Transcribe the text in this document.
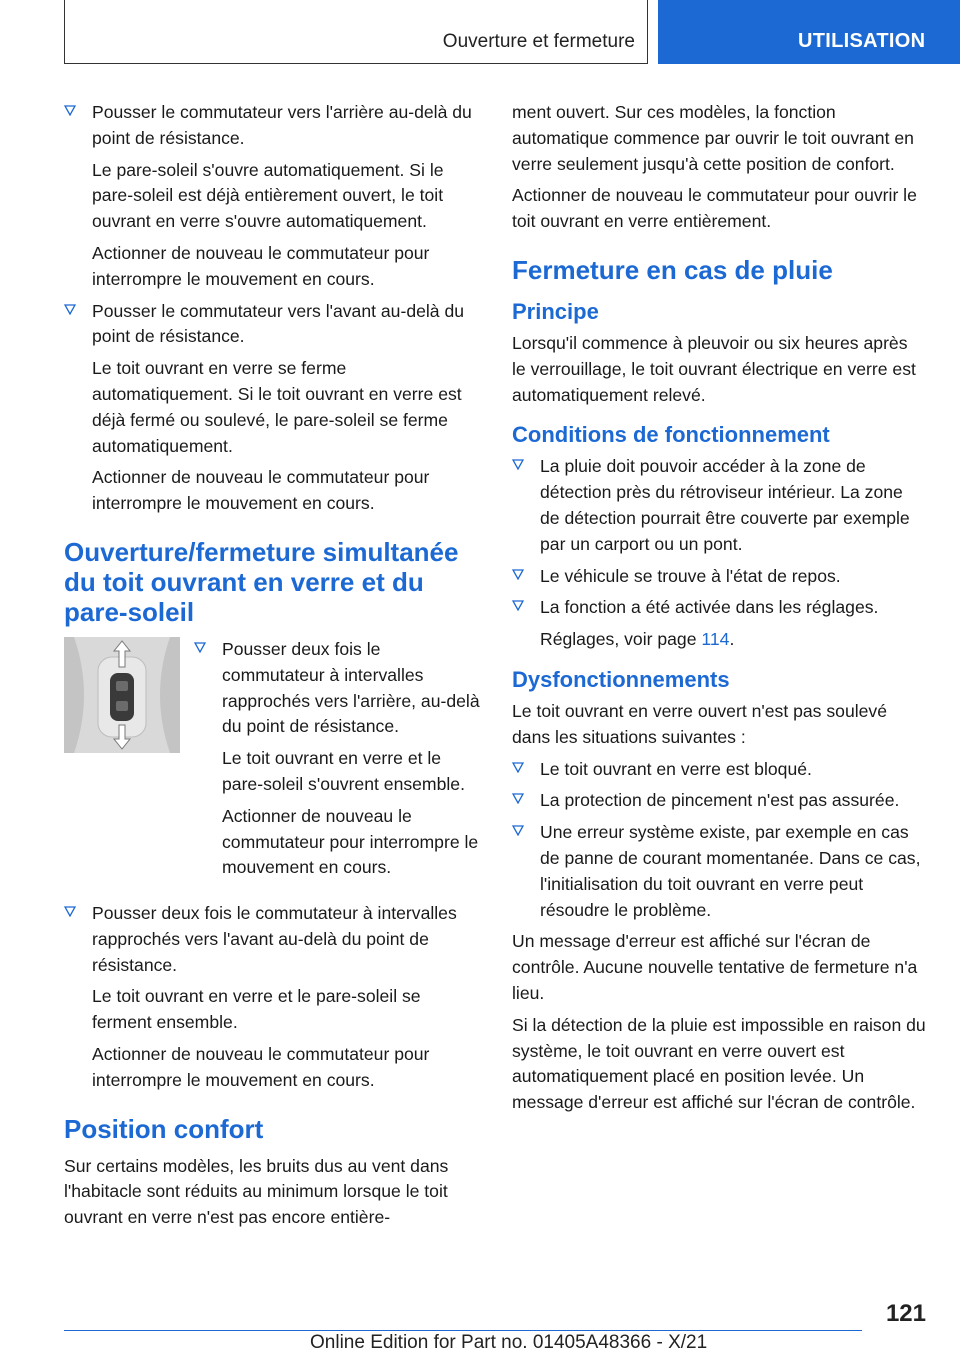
Ouverture et fermeture	UTILISATION
Pousser le commutateur vers l'arrière au-delà du point de résistance.

Le pare-soleil s'ouvre automatiquement. Si le pare-soleil est déjà entièrement ouvert, le toit ouvrant en verre s'ouvre automatiquement.

Actionner de nouveau le commutateur pour interrompre le mouvement en cours.

Pousser le commutateur vers l'avant au-delà du point de résistance.

Le toit ouvrant en verre se ferme automatiquement. Si le toit ouvrant en verre est déjà fermé ou soulevé, le pare-soleil se ferme automatiquement.

Actionner de nouveau le commutateur pour interrompre le mouvement en cours.

Ouverture/fermeture simultanée du toit ouvrant en verre et du pare-soleil
Pousser deux fois le commutateur à intervalles rapprochés vers l'arrière, au-delà du point de résistance.

Le toit ouvrant en verre et le pare-soleil s'ouvrent ensemble.

Actionner de nouveau le commutateur pour interrompre le mouvement en cours.

Pousser deux fois le commutateur à intervalles rapprochés vers l'avant au-delà du point de résistance.

Le toit ouvrant en verre et le pare-soleil se ferment ensemble.

Actionner de nouveau le commutateur pour interrompre le mouvement en cours.

Position confort

Sur certains modèles, les bruits dus au vent dans l'habitacle sont réduits au minimum lorsque le toit ouvrant en verre n'est pas encore entière-

121
Online Edition for Part no. 01405A48366 - X/21

ment ouvert. Sur ces modèles, la fonction automatique commence par ouvrir le toit ouvrant en verre seulement jusqu'à cette position de confort.

Actionner de nouveau le commutateur pour ouvrir le toit ouvrant en verre entièrement.

Fermeture en cas de pluie
Principe

Lorsqu'il commence à pleuvoir ou six heures après le verrouillage, le toit ouvrant électrique en verre est automatiquement relevé.

Conditions de fonctionnement
La pluie doit pouvoir accéder à la zone de détection près du rétroviseur intérieur. La zone de détection pourrait être couverte par exemple par un carport ou un pont.
Le véhicule se trouve à l'état de repos.
La fonction a été activée dans les réglages.

Réglages, voir page 114.

Dysfonctionnements

Le toit ouvrant en verre ouvert n'est pas soulevé dans les situations suivantes :

Le toit ouvrant en verre est bloqué.
La protection de pincement n'est pas assurée.
Une erreur système existe, par exemple en cas de panne de courant momentanée. Dans ce cas, l'initialisation du toit ouvrant en verre peut résoudre le problème.

Un message d'erreur est affiché sur l'écran de contrôle. Aucune nouvelle tentative de fermeture n'a lieu.

Si la détection de la pluie est impossible en raison du système, le toit ouvrant en verre ouvert est automatiquement placé en position levée. Un message d'erreur est affiché sur l'écran de contrôle.
